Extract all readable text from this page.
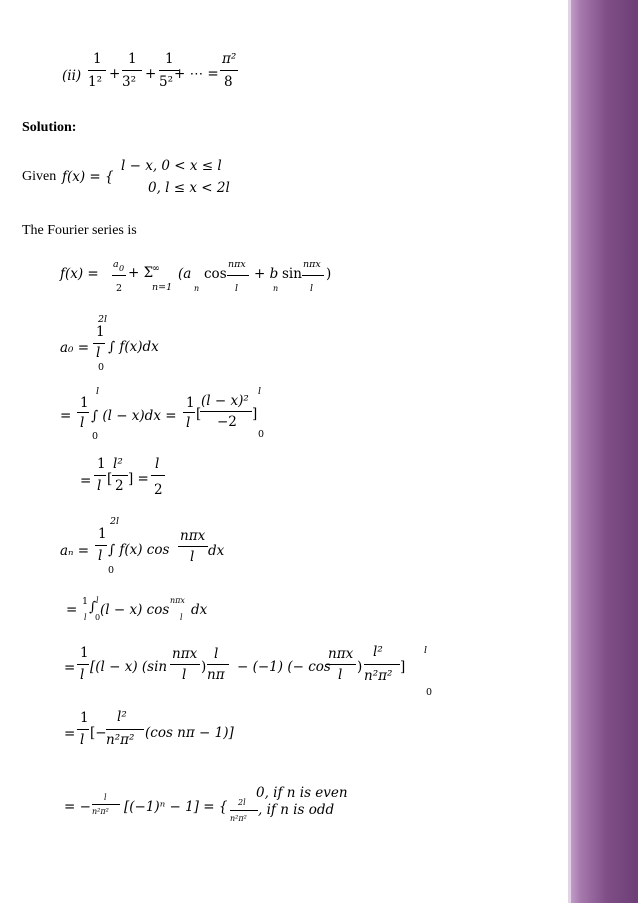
(ii)
1
1² +
1
3² +
1
5² + ⋯ =
π²
8
Solution:
Given f(x) = {
l − x, 0 < x ≤ l
0, l ≤ x < 2l
The Fourier series is
f(x) =
a 0
2
+ Σ
∞
n=1
(a
n
cos
nπx
l
+ b
n
sin
nπx
l
)
2l
a₀ =
1
l ∫ f(x)dx
0
l
=
1
l ∫ (l − x)dx =
1
l
[
(l − x)²
−2 ]
l
0	0
=
1
l [
l²
2 ] =
l
2
2l
aₙ =
1
l ∫ f(x) cos
nπx
l dx
0
=
1
l
∫ l
0 (l − x) cos
nπx
l dx
=
1
l [(l − x) (sin
nπx
l )
l
nπ − (−1) (− cos
nπx
l )
l²
n²π²
]
l
0
=
1
l [−
l²
n²π² (cos nπ − 1)]
= −
l
n²π² [(−1)ⁿ − 1] = {
0, if n is even
2l
n²π²
, if n is odd
